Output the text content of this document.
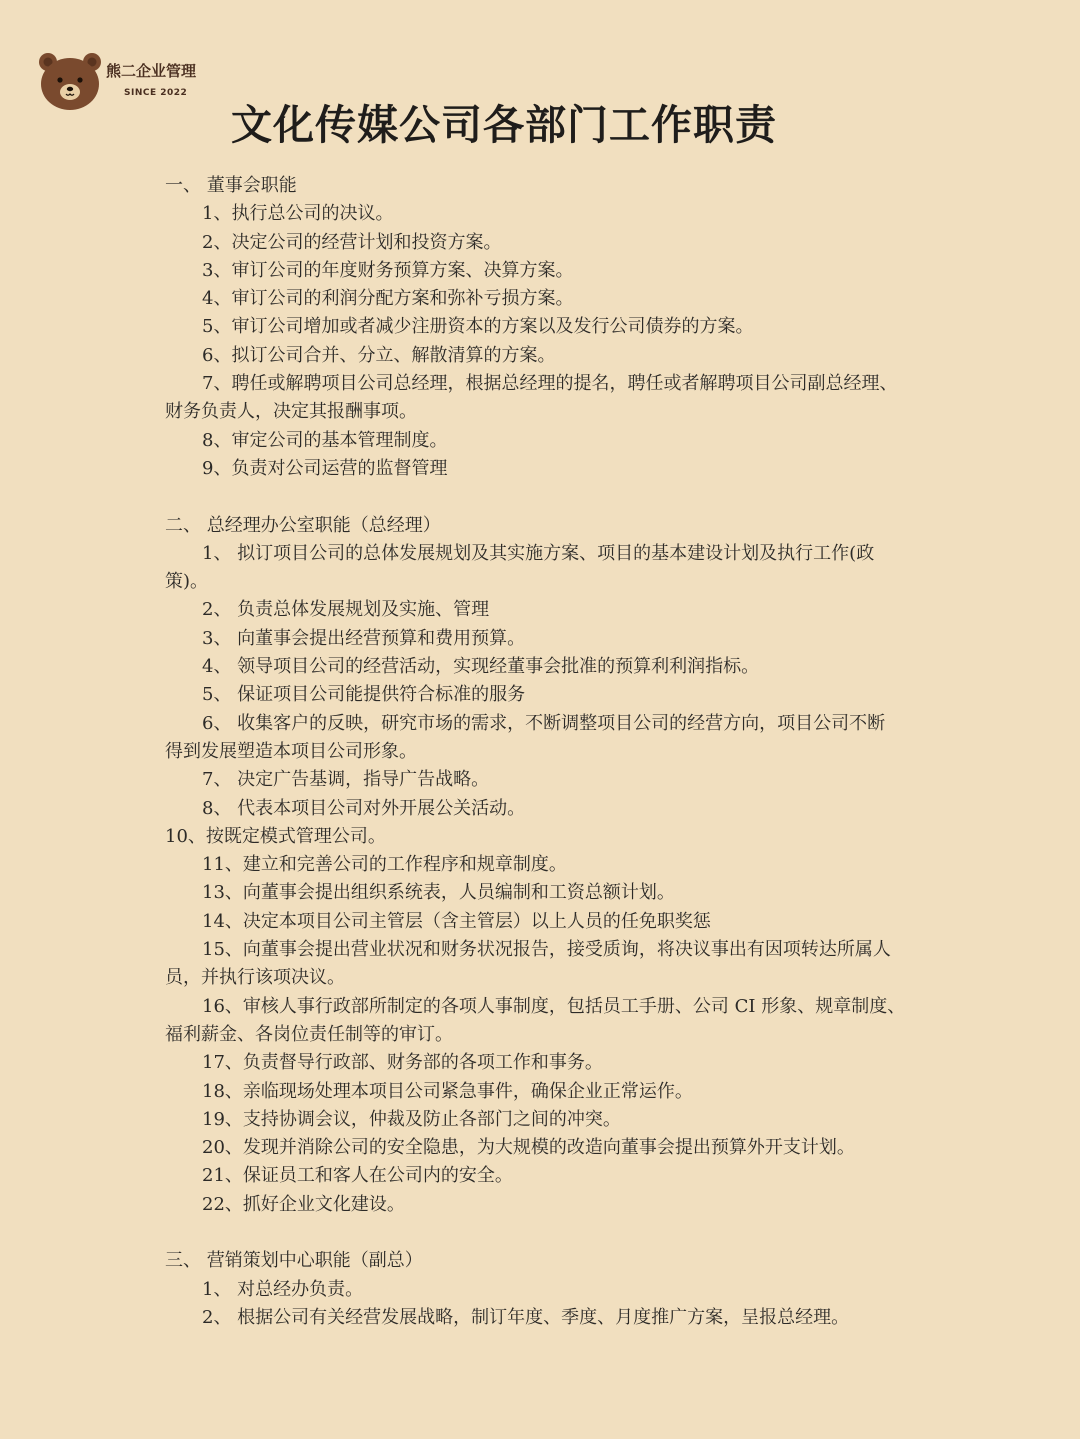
熊二企业管理
SINCE 2022
文化传媒公司各部门工作职责
一、 董事会职能
1、执行总公司的决议。
2、决定公司的经营计划和投资方案。
3、审订公司的年度财务预算方案、决算方案。
4、审订公司的利润分配方案和弥补亏损方案。
5、审订公司增加或者减少注册资本的方案以及发行公司债券的方案。
6、拟订公司合并、分立、解散清算的方案。
7、聘任或解聘项目公司总经理，根据总经理的提名，聘任或者解聘项目公司副总经理、
财务负责人，决定其报酬事项。
8、审定公司的基本管理制度。
9、负责对公司运营的监督管理
二、 总经理办公室职能（总经理）
1、 拟订项目公司的总体发展规划及其实施方案、项目的基本建设计划及执行工作(政
策)。
2、 负责总体发展规划及实施、管理
3、 向董事会提出经营预算和费用预算。
4、 领导项目公司的经营活动，实现经董事会批准的预算利利润指标。
5、 保证项目公司能提供符合标准的服务
6、 收集客户的反映，研究市场的需求，不断调整项目公司的经营方向，项目公司不断
得到发展塑造本项目公司形象。
7、 决定广告基调，指导广告战略。
8、 代表本项目公司对外开展公关活动。
10、按既定模式管理公司。
11、建立和完善公司的工作程序和规章制度。
13、向董事会提出组织系统表，人员编制和工资总额计划。
14、决定本项目公司主管层（含主管层）以上人员的任免职奖惩
15、向董事会提出营业状况和财务状况报告，接受质询，将决议事出有因项转达所属人
员，并执行该项决议。
16、审核人事行政部所制定的各项人事制度，包括员工手册、公司 CI 形象、规章制度、
福利薪金、各岗位责任制等的审订。
17、负责督导行政部、财务部的各项工作和事务。
18、亲临现场处理本项目公司紧急事件，确保企业正常运作。
19、支持协调会议，仲裁及防止各部门之间的冲突。
20、发现并消除公司的安全隐患，为大规模的改造向董事会提出预算外开支计划。
21、保证员工和客人在公司内的安全。
22、抓好企业文化建设。
三、 营销策划中心职能（副总）
1、 对总经办负责。
2、 根据公司有关经营发展战略，制订年度、季度、月度推广方案，呈报总经理。
